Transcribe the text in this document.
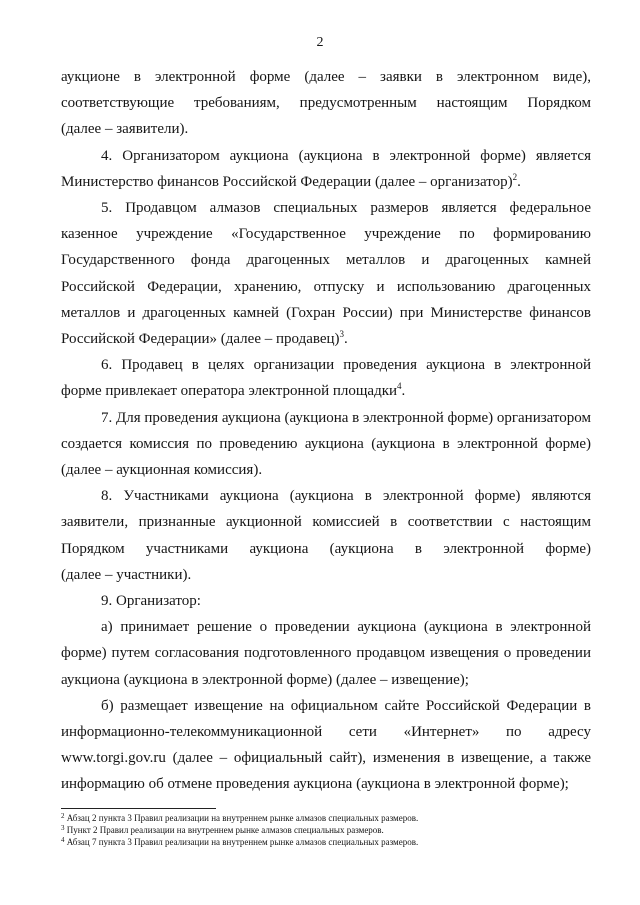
2
аукционе в электронной форме (далее – заявки в электронном виде),
соответствующие требованиям, предусмотренным настоящим Порядком
(далее – заявители).
4. Организатором аукциона (аукциона в электронной форме) является
Министерство финансов Российской Федерации (далее – организатор)$^2$.
5. Продавцом алмазов специальных размеров является федеральное
казенное учреждение «Государственное учреждение по формированию
Государственного фонда драгоценных металлов и драгоценных камней
Российской Федерации, хранению, отпуску и использованию драгоценных
металлов и драгоценных камней (Гохран России) при Министерстве финансов
Российской Федерации» (далее – продавец)$^3$.
6. Продавец в целях организации проведения аукциона в электронной
форме привлекает оператора электронной площадки$^4$.
7. Для проведения аукциона (аукциона в электронной форме) организатором
создается комиссия по проведению аукциона (аукциона в электронной форме)
(далее – аукционная комиссия).
8. Участниками аукциона (аукциона в электронной форме) являются
заявители, признанные аукционной комиссией в соответствии с настоящим
Порядком участниками аукциона (аукциона в электронной форме)
(далее – участники).
9. Организатор:
а) принимает решение о проведении аукциона (аукциона в электронной
форме) путем согласования подготовленного продавцом извещения о проведении
аукциона (аукциона в электронной форме) (далее – извещение);
б) размещает извещение на официальном сайте Российской Федерации в
информационно-телекоммуникационной сети «Интернет» по адресу
www.torgi.gov.ru (далее – официальный сайт), изменения в извещение, а также
информацию об отмене проведения аукциона (аукциона в электронной форме);
$^2$ Абзац 2 пункта 3 Правил реализации на внутреннем рынке алмазов специальных размеров.
$^3$ Пункт 2 Правил реализации на внутреннем рынке алмазов специальных размеров.
$^4$ Абзац 7 пункта 3 Правил реализации на внутреннем рынке алмазов специальных размеров.
